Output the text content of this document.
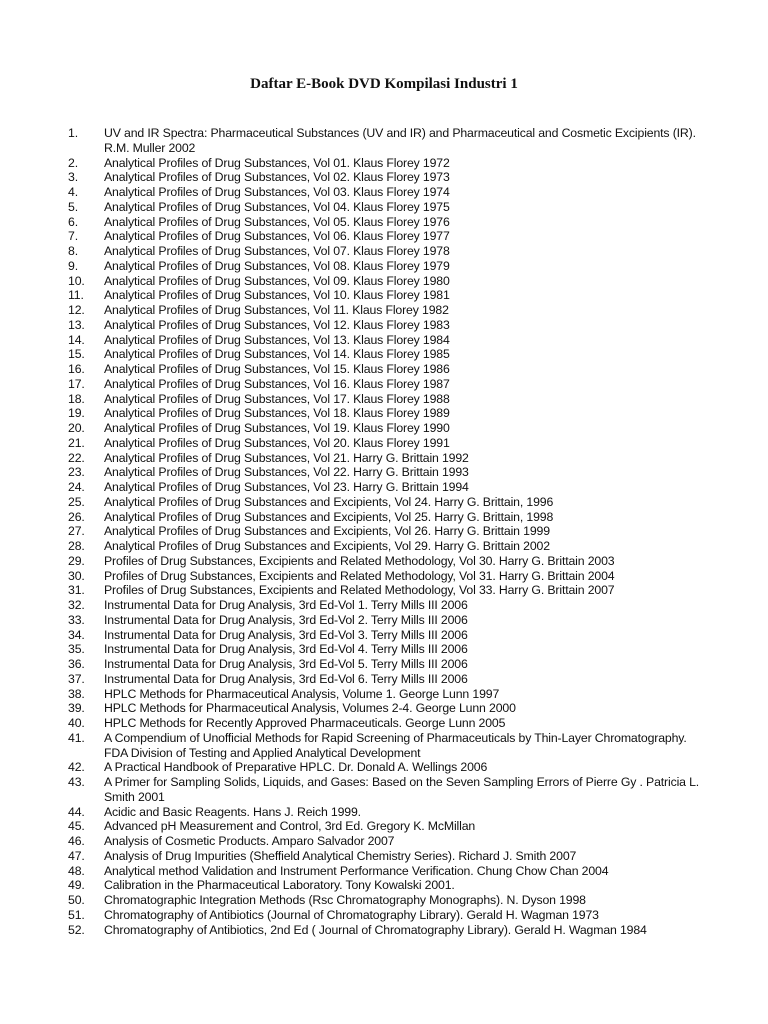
Daftar E-Book DVD Kompilasi Industri 1
1.	UV and IR Spectra: Pharmaceutical Substances (UV and IR) and Pharmaceutical and Cosmetic Excipients (IR). R.M. Muller 2002
2.	Analytical Profiles of Drug Substances, Vol 01. Klaus Florey 1972
3.	Analytical Profiles of Drug Substances, Vol 02. Klaus Florey 1973
4.	Analytical Profiles of Drug Substances, Vol 03. Klaus Florey 1974
5.	Analytical Profiles of Drug Substances, Vol 04. Klaus Florey 1975
6.	Analytical Profiles of Drug Substances, Vol 05. Klaus Florey 1976
7.	Analytical Profiles of Drug Substances, Vol 06. Klaus Florey 1977
8.	Analytical Profiles of Drug Substances, Vol 07. Klaus Florey 1978
9.	Analytical Profiles of Drug Substances, Vol 08. Klaus Florey 1979
10.	Analytical Profiles of Drug Substances, Vol 09. Klaus Florey 1980
11.	Analytical Profiles of Drug Substances, Vol 10. Klaus Florey 1981
12.	Analytical Profiles of Drug Substances, Vol 11. Klaus Florey 1982
13.	Analytical Profiles of Drug Substances, Vol 12. Klaus Florey 1983
14.	Analytical Profiles of Drug Substances, Vol 13. Klaus Florey 1984
15.	Analytical Profiles of Drug Substances, Vol 14. Klaus Florey 1985
16.	Analytical Profiles of Drug Substances, Vol 15. Klaus Florey 1986
17.	Analytical Profiles of Drug Substances, Vol 16. Klaus Florey 1987
18.	Analytical Profiles of Drug Substances, Vol 17. Klaus Florey 1988
19.	Analytical Profiles of Drug Substances, Vol 18. Klaus Florey 1989
20.	Analytical Profiles of Drug Substances, Vol 19. Klaus Florey 1990
21.	Analytical Profiles of Drug Substances, Vol 20. Klaus Florey 1991
22.	Analytical Profiles of Drug Substances, Vol 21. Harry G. Brittain 1992
23.	Analytical Profiles of Drug Substances, Vol 22. Harry G. Brittain 1993
24.	Analytical Profiles of Drug Substances, Vol 23. Harry G. Brittain 1994
25.	Analytical Profiles of Drug Substances and Excipients, Vol 24. Harry G. Brittain, 1996
26.	Analytical Profiles of Drug Substances and Excipients, Vol 25. Harry G. Brittain, 1998
27.	Analytical Profiles of Drug Substances and Excipients, Vol 26. Harry G. Brittain 1999
28.	Analytical Profiles of Drug Substances and Excipients, Vol 29. Harry G. Brittain 2002
29.	Profiles of Drug Substances, Excipients and Related Methodology, Vol 30. Harry G. Brittain 2003
30.	Profiles of Drug Substances, Excipients and Related Methodology, Vol 31. Harry G. Brittain 2004
31.	Profiles of Drug Substances, Excipients and Related Methodology, Vol 33. Harry G. Brittain 2007
32.	Instrumental Data for Drug Analysis, 3rd Ed-Vol 1. Terry Mills III 2006
33.	Instrumental Data for Drug Analysis, 3rd Ed-Vol 2. Terry Mills III 2006
34.	Instrumental Data for Drug Analysis, 3rd Ed-Vol 3. Terry Mills III 2006
35.	Instrumental Data for Drug Analysis, 3rd Ed-Vol 4. Terry Mills III 2006
36.	Instrumental Data for Drug Analysis, 3rd Ed-Vol 5. Terry Mills III 2006
37.	Instrumental Data for Drug Analysis, 3rd Ed-Vol 6. Terry Mills III 2006
38.	HPLC Methods for Pharmaceutical Analysis, Volume 1. George Lunn 1997
39.	HPLC Methods for Pharmaceutical Analysis, Volumes 2-4. George Lunn 2000
40.	HPLC Methods for Recently Approved Pharmaceuticals. George Lunn 2005
41.	A Compendium of Unofficial Methods for Rapid Screening of Pharmaceuticals by Thin-Layer Chromatography. FDA Division of Testing and Applied Analytical Development
42.	A Practical Handbook of Preparative HPLC. Dr. Donald A. Wellings 2006
43.	A Primer for Sampling Solids, Liquids, and Gases: Based on the Seven Sampling Errors of Pierre Gy . Patricia L. Smith 2001
44.	Acidic and Basic Reagents. Hans J. Reich 1999.
45.	Advanced pH Measurement and Control, 3rd Ed. Gregory K. McMillan
46.	Analysis of Cosmetic Products. Amparo Salvador 2007
47.	Analysis of Drug Impurities (Sheffield Analytical Chemistry Series). Richard J. Smith 2007
48.	Analytical method Validation and Instrument Performance Verification. Chung Chow Chan 2004
49.	Calibration in the Pharmaceutical Laboratory. Tony Kowalski 2001.
50.	Chromatographic Integration Methods (Rsc Chromatography Monographs). N. Dyson 1998
51.	Chromatography of Antibiotics (Journal of Chromatography Library). Gerald H. Wagman 1973
52.	Chromatography of Antibiotics, 2nd Ed ( Journal of Chromatography Library). Gerald H. Wagman 1984
